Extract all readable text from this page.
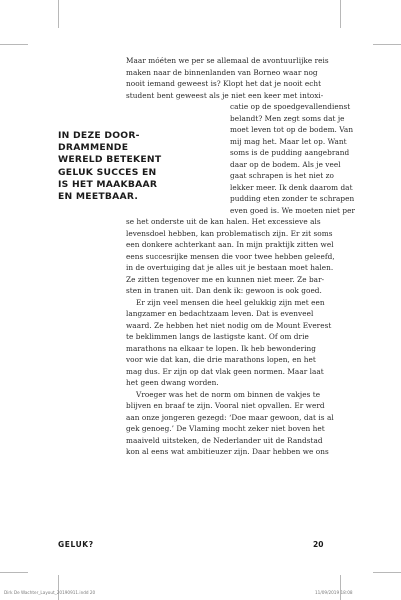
IN DEZE DOOR-
DRAMMENDE
WERELD BETEKENT
GELUK SUCCES EN
IS HET MAAKBAAR
EN MEETBAAR.
Maar móéten we per se allemaal de avontuurlijke reis
maken naar de binnenlanden van Borneo waar nog
nooit iemand geweest is? Klopt het dat je nooit echt
student bent geweest als je niet een keer met intoxi-
catie op de spoedgevallendienst
belandt? Men zegt soms dat je
moet leven tot op de bodem. Van
mij mag het. Maar let op. Want
soms is de pudding aangebrand
daar op de bodem. Als je veel
gaat schrapen is het niet zo
lekker meer. Ik denk daarom dat
pudding eten zonder te schrapen
even goed is. We moeten niet per
se het onderste uit de kan halen. Het excessieve als
levensdoel hebben, kan problematisch zijn. Er zit soms
een donkere achterkant aan. In mijn praktijk zitten wel
eens succesrijke mensen die voor twee hebben geleefd,
in de overtuiging dat je alles uit je bestaan moet halen.
Ze zitten tegenover me en kunnen niet meer. Ze bar-
sten in tranen uit. Dan denk ik: gewoon is ook goed.
Er zijn veel mensen die heel gelukkig zijn met een
langzamer en bedachtzaam leven. Dat is evenveel
waard. Ze hebben het niet nodig om de Mount Everest
te beklimmen langs de lastigste kant. Of om drie
marathons na elkaar te lopen. Ik heb bewondering
voor wie dat kan, die drie marathons lopen, en het
mag dus. Er zijn op dat vlak geen normen. Maar laat
het geen dwang worden.
Vroeger was het de norm om binnen de vakjes te
blijven en braaf te zijn. Vooral niet opvallen. Er werd
aan onze jongeren gezegd: ‘Doe maar gewoon, dat is al
gek genoeg.’ De Vlaming mocht zeker niet boven het
maaiveld uitsteken, de Nederlander uit de Randstad
kon al eens wat ambitieuzer zijn. Daar hebben we ons
GELUK?	20
Dirk De Wachter_Layout_20190911.indd 20	11/09/2019 18:08
